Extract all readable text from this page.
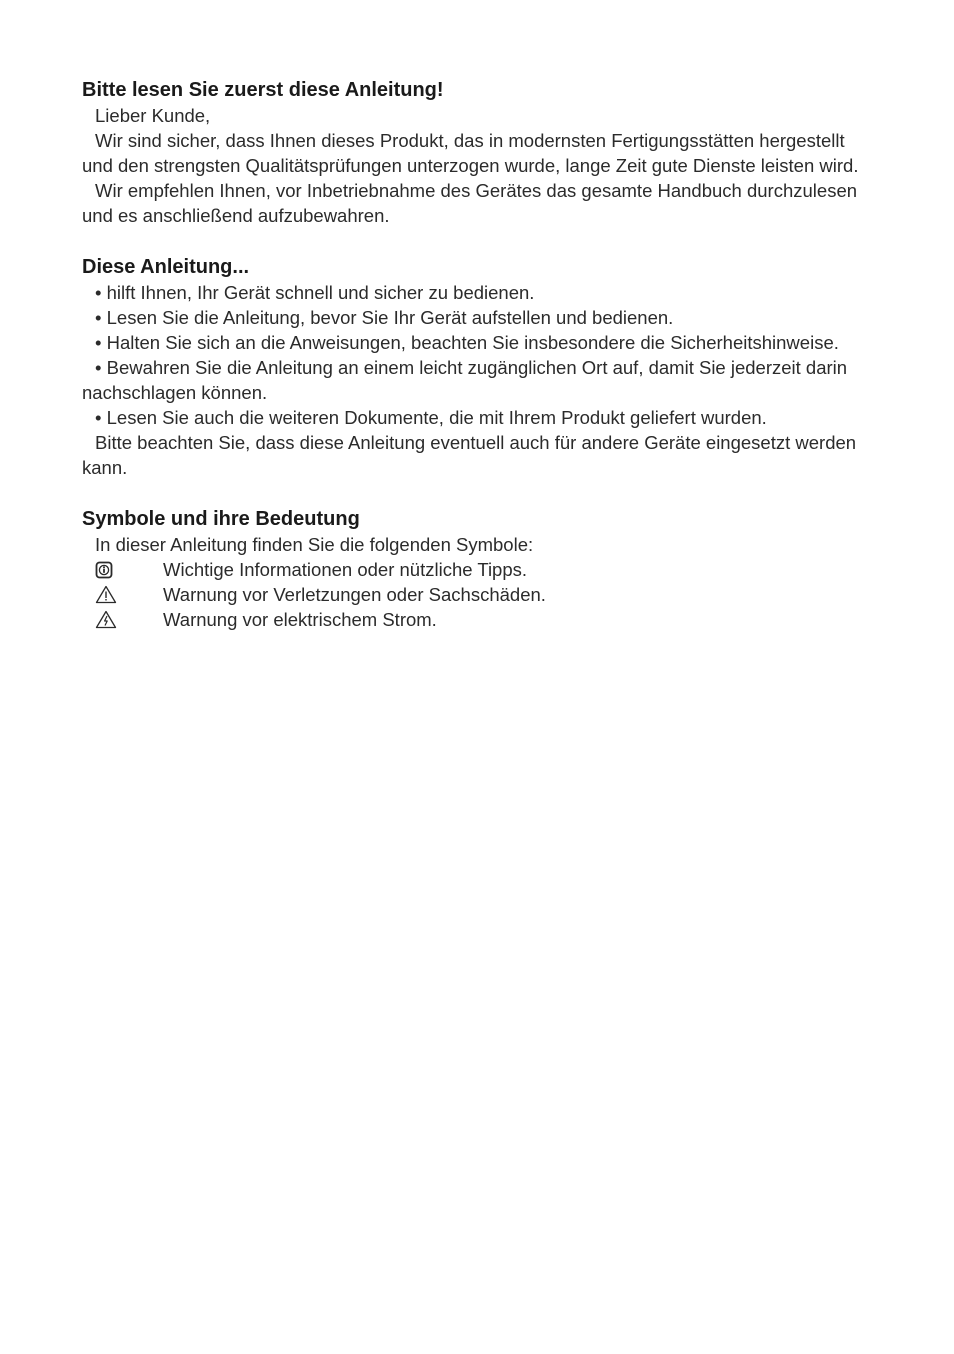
Bitte lesen Sie zuerst diese Anleitung!

Lieber Kunde,

Wir sind sicher, dass Ihnen dieses Produkt, das in modernsten Fertigungsstätten hergestellt und den strengsten Qualitätsprüfungen unterzogen wurde, lange Zeit gute Dienste leisten wird.

Wir empfehlen Ihnen, vor Inbetriebnahme des Gerätes das gesamte Handbuch durchzulesen und es anschließend aufzubewahren.

Diese Anleitung...

• hilft Ihnen, Ihr Gerät schnell und sicher zu bedienen.

• Lesen Sie die Anleitung, bevor Sie Ihr Gerät aufstellen und bedienen.

• Halten Sie sich an die Anweisungen, beachten Sie insbesondere die Sicherheitshinweise.

• Bewahren Sie die Anleitung an einem leicht zugänglichen Ort auf, damit Sie jederzeit darin nachschlagen können.

• Lesen Sie auch die weiteren Dokumente, die mit Ihrem Produkt geliefert wurden.

Bitte beachten Sie, dass diese Anleitung eventuell auch für andere Geräte eingesetzt werden kann.

Symbole und ihre Bedeutung

In dieser Anleitung finden Sie die folgenden Symbole:

Wichtige Informationen oder nützliche Tipps.
Warnung vor Verletzungen oder Sachschäden.
Warnung vor elektrischem Strom.
